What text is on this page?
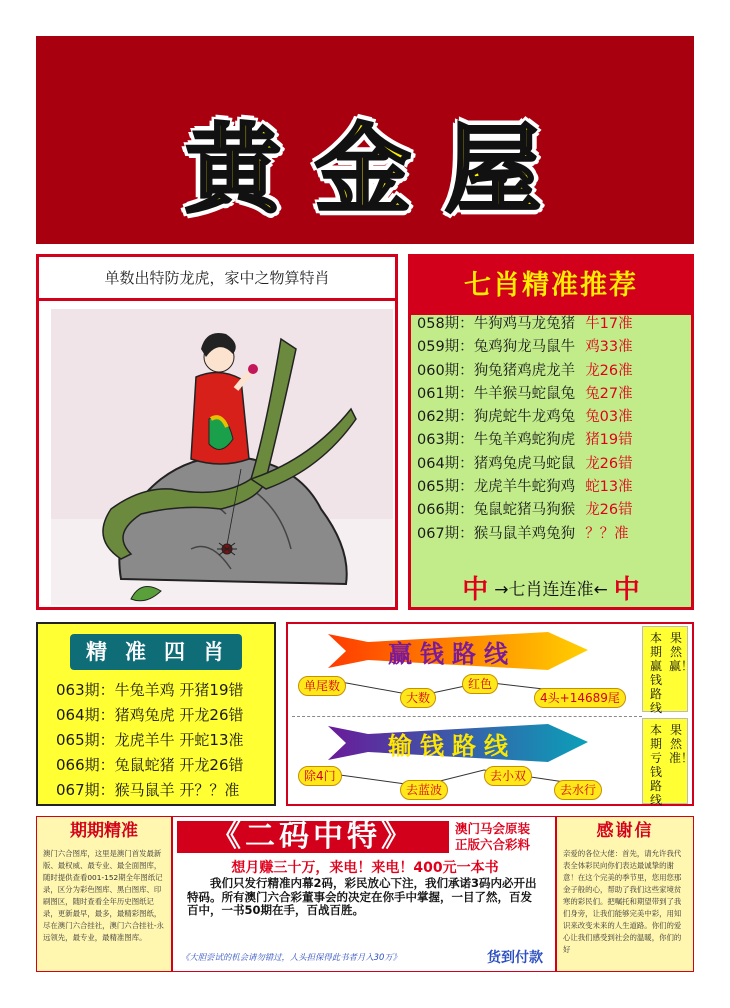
黄金屋
单数出特防龙虎，家中之物算特肖	七肖精准推荐
058期：牛狗鸡马龙兔猪 牛17准
059期：兔鸡狗龙马鼠牛 鸡33准
060期：狗兔猪鸡虎龙羊 龙26准
061期：牛羊猴马蛇鼠兔 兔27准
062期：狗虎蛇牛龙鸡兔 兔03准
063期：牛兔羊鸡蛇狗虎 猪19错
064期：猪鸡兔虎马蛇鼠 龙26错
065期：龙虎羊牛蛇狗鸡 蛇13准
066期：兔鼠蛇猪马狗猴 龙26错
067期：猴马鼠羊鸡兔狗 ？？准
中 →七肖连连准← 中
精准四肖
063期：牛兔羊鸡 开猪19错
064期：猪鸡兔虎 开龙26错
065期：龙虎羊牛 开蛇13准
066期：兔鼠蛇猪 开龙26错
067期：猴马鼠羊 开？？准
赢钱路线
单尾数
大数
红色
4头+14689尾
果然赢！
本期赢钱路线
输钱路线
除4门
去蓝波
去小双
去水行
果然准！
本期亏钱路线
期期精准
澳门六合图库，这里是澳门首发最新版、最权威、最专业、最全面图库，随时提供查看001-152期全年图纸记录，区分为彩色图库、黑白图库、印刷图区，随时查看全年历史图纸记录，更新最早，最多，最精彩图纸，尽在澳门六合挂社，澳门六合挂社-永远领先，最专业，最精准图库。
《二码中特》	澳门马会原装
正版六合彩料
想月赚三十万，来电！来电！400元一本书
我们只发行精准内幕2码，彩民放心下注，我们承诺3码内必开出特码。所有澳门六合彩董事会的决定在你手中掌握，一目了然，百发百中，一书50期在手，百战百胜。
《大胆尝试的机会请勿错过，人头担保得此书者月入30万》	货到付款
感谢信
亲爱的各位大佬：首先，请允许我代表全体彩民向你们表达最诚挚的谢意！在这个完美的季节里，您用您那金子般的心，帮助了我们这些家境贫寒的彩民们。把嘱托和期望带到了我们身旁，让我们能够完美中彩，用知识来改变未来的人生道路。你们的爱心让我们感受到社会的温暖，你们的好
